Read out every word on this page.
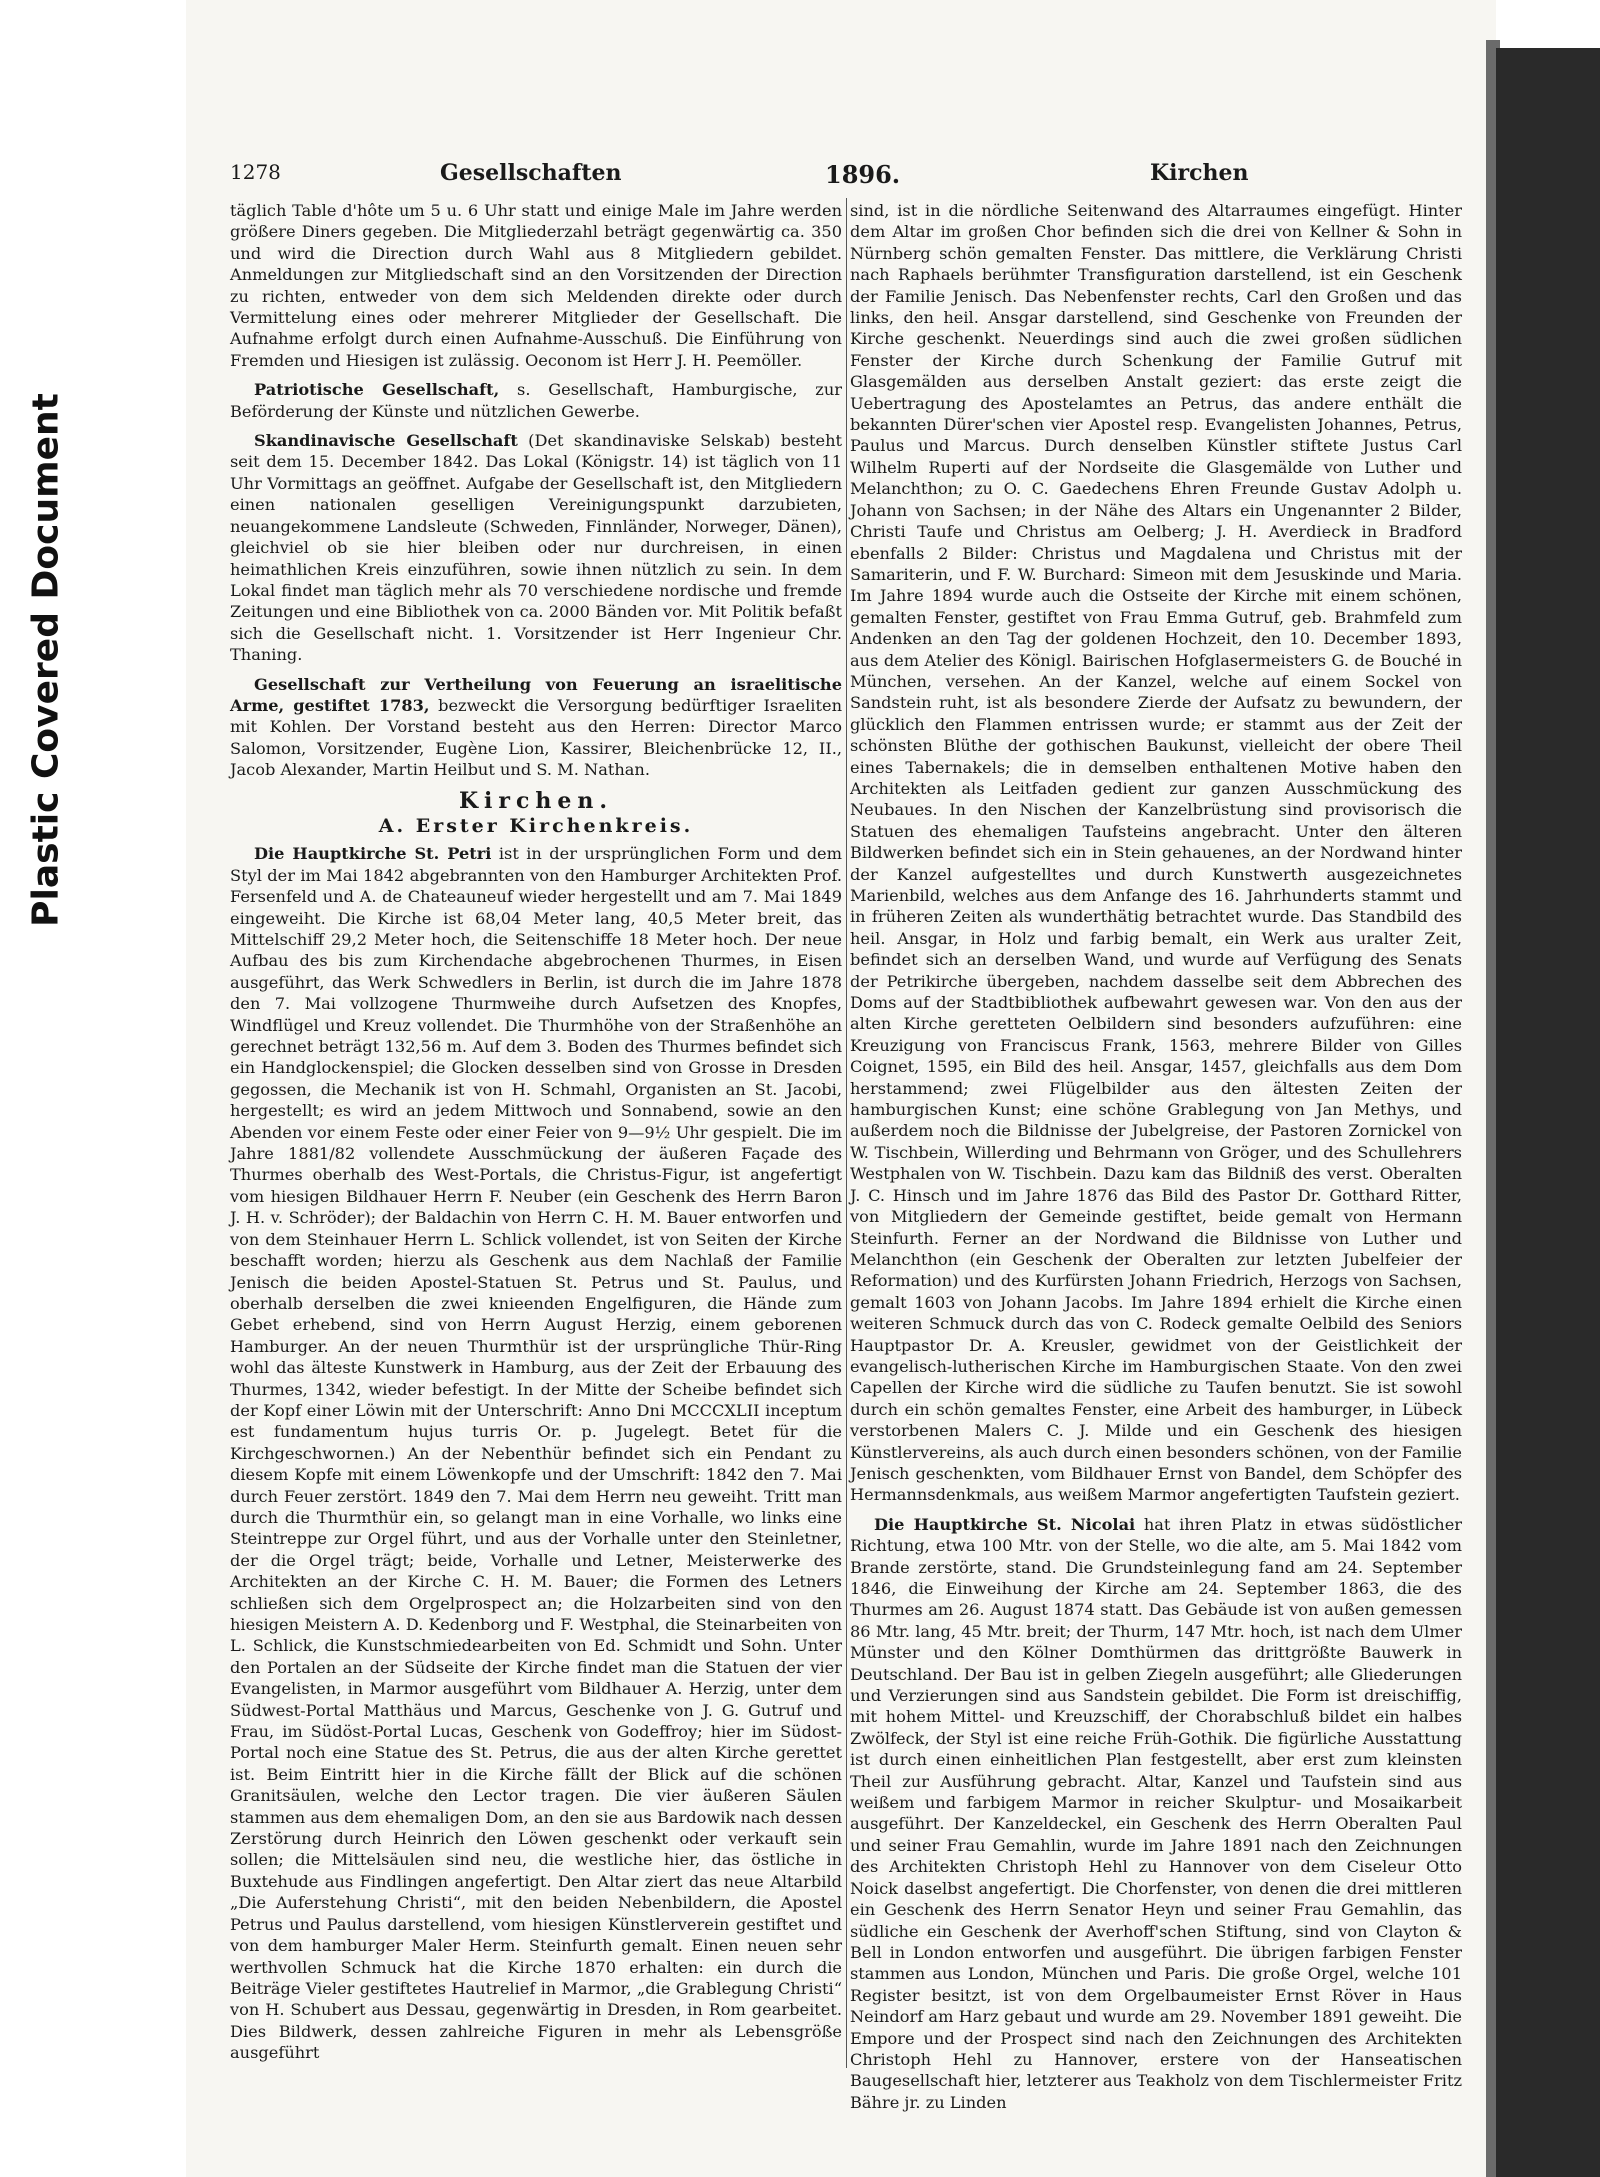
Plastic Covered Document
1278	Gesellschaften	1896.	Kirchen

täglich Table d'hôte um 5 u. 6 Uhr statt und einige Male im Jahre werden größere Diners gegeben. Die Mitgliederzahl beträgt gegenwärtig ca. 350 und wird die Direction durch Wahl aus 8 Mitgliedern gebildet. Anmeldungen zur Mitgliedschaft sind an den Vorsitzenden der Direction zu richten, entweder von dem sich Meldenden direkte oder durch Vermittelung eines oder mehrerer Mitglieder der Gesellschaft. Die Aufnahme erfolgt durch einen Aufnahme-Ausschuß. Die Einführung von Fremden und Hiesigen ist zulässig. Oeconom ist Herr J. H. Peemöller.

Patriotische Gesellschaft, s. Gesellschaft, Hamburgische, zur Beförderung der Künste und nützlichen Gewerbe.

Skandinavische Gesellschaft (Det skandinaviske Selskab) besteht seit dem 15. December 1842. Das Lokal (Königstr. 14) ist täglich von 11 Uhr Vormittags an geöffnet. Aufgabe der Gesellschaft ist, den Mitgliedern einen nationalen geselligen Vereinigungspunkt darzubieten, neuangekommene Landsleute (Schweden, Finnländer, Norweger, Dänen), gleichviel ob sie hier bleiben oder nur durchreisen, in einen heimathlichen Kreis einzuführen, sowie ihnen nützlich zu sein. In dem Lokal findet man täglich mehr als 70 verschiedene nordische und fremde Zeitungen und eine Bibliothek von ca. 2000 Bänden vor. Mit Politik befaßt sich die Gesellschaft nicht. 1. Vorsitzender ist Herr Ingenieur Chr. Thaning.

Gesellschaft zur Vertheilung von Feuerung an israelitische Arme, gestiftet 1783, bezweckt die Versorgung bedürftiger Israeliten mit Kohlen. Der Vorstand besteht aus den Herren: Director Marco Salomon, Vorsitzender, Eugène Lion, Kassirer, Bleichenbrücke 12, II., Jacob Alexander, Martin Heilbut und S. M. Nathan.

Kirchen.
A. Erster Kirchenkreis.

Die Hauptkirche St. Petri ist in der ursprünglichen Form und dem Styl der im Mai 1842 abgebrannten von den Hamburger Architekten Prof. Fersenfeld und A. de Chateauneuf wieder hergestellt und am 7. Mai 1849 eingeweiht. Die Kirche ist 68,04 Meter lang, 40,5 Meter breit, das Mittelschiff 29,2 Meter hoch, die Seitenschiffe 18 Meter hoch. Der neue Aufbau des bis zum Kirchendache abgebrochenen Thurmes, in Eisen ausgeführt, das Werk Schwedlers in Berlin, ist durch die im Jahre 1878 den 7. Mai vollzogene Thurmweihe durch Aufsetzen des Knopfes, Windflügel und Kreuz vollendet. Die Thurmhöhe von der Straßenhöhe an gerechnet beträgt 132,56 m. Auf dem 3. Boden des Thurmes befindet sich ein Handglockenspiel; die Glocken desselben sind von Grosse in Dresden gegossen, die Mechanik ist von H. Schmahl, Organisten an St. Jacobi, hergestellt; es wird an jedem Mittwoch und Sonnabend, sowie an den Abenden vor einem Feste oder einer Feier von 9—9½ Uhr gespielt. Die im Jahre 1881/82 vollendete Ausschmückung der äußeren Façade des Thurmes oberhalb des West-Portals, die Christus-Figur, ist angefertigt vom hiesigen Bildhauer Herrn F. Neuber (ein Geschenk des Herrn Baron J. H. v. Schröder); der Baldachin von Herrn C. H. M. Bauer entworfen und von dem Steinhauer Herrn L. Schlick vollendet, ist von Seiten der Kirche beschafft worden; hierzu als Geschenk aus dem Nachlaß der Familie Jenisch die beiden Apostel-Statuen St. Petrus und St. Paulus, und oberhalb derselben die zwei knieenden Engelfiguren, die Hände zum Gebet erhebend, sind von Herrn August Herzig, einem geborenen Hamburger. An der neuen Thurmthür ist der ursprüngliche Thür-Ring wohl das älteste Kunstwerk in Hamburg, aus der Zeit der Erbauung des Thurmes, 1342, wieder befestigt. In der Mitte der Scheibe befindet sich der Kopf einer Löwin mit der Unterschrift: Anno Dni MCCCXLII inceptum est fundamentum hujus turris Or. p. Jugelegt. Betet für die Kirchgeschwornen.) An der Nebenthür befindet sich ein Pendant zu diesem Kopfe mit einem Löwenkopfe und der Umschrift: 1842 den 7. Mai durch Feuer zerstört. 1849 den 7. Mai dem Herrn neu geweiht. Tritt man durch die Thurmthür ein, so gelangt man in eine Vorhalle, wo links eine Steintreppe zur Orgel führt, und aus der Vorhalle unter den Steinletner, der die Orgel trägt; beide, Vorhalle und Letner, Meisterwerke des Architekten an der Kirche C. H. M. Bauer; die Formen des Letners schließen sich dem Orgelprospect an; die Holzarbeiten sind von den hiesigen Meistern A. D. Kedenborg und F. Westphal, die Steinarbeiten von L. Schlick, die Kunstschmiedearbeiten von Ed. Schmidt und Sohn. Unter den Portalen an der Südseite der Kirche findet man die Statuen der vier Evangelisten, in Marmor ausgeführt vom Bildhauer A. Herzig, unter dem Südwest-Portal Matthäus und Marcus, Geschenke von J. G. Gutruf und Frau, im Südöst-Portal Lucas, Geschenk von Godeffroy; hier im Südost-Portal noch eine Statue des St. Petrus, die aus der alten Kirche gerettet ist. Beim Eintritt hier in die Kirche fällt der Blick auf die schönen Granitsäulen, welche den Lector tragen. Die vier äußeren Säulen stammen aus dem ehemaligen Dom, an den sie aus Bardowik nach dessen Zerstörung durch Heinrich den Löwen geschenkt oder verkauft sein sollen; die Mittelsäulen sind neu, die westliche hier, das östliche in Buxtehude aus Findlingen angefertigt. Den Altar ziert das neue Altarbild „Die Auferstehung Christi“, mit den beiden Nebenbildern, die Apostel Petrus und Paulus darstellend, vom hiesigen Künstlerverein gestiftet und von dem hamburger Maler Herm. Steinfurth gemalt. Einen neuen sehr werthvollen Schmuck hat die Kirche 1870 erhalten: ein durch die Beiträge Vieler gestiftetes Hautrelief in Marmor, „die Grablegung Christi“ von H. Schubert aus Dessau, gegenwärtig in Dresden, in Rom gearbeitet. Dies Bildwerk, dessen zahlreiche Figuren in mehr als Lebensgröße ausgeführt

sind, ist in die nördliche Seitenwand des Altarraumes eingefügt. Hinter dem Altar im großen Chor befinden sich die drei von Kellner & Sohn in Nürnberg schön gemalten Fenster. Das mittlere, die Verklärung Christi nach Raphaels berühmter Transfiguration darstellend, ist ein Geschenk der Familie Jenisch. Das Nebenfenster rechts, Carl den Großen und das links, den heil. Ansgar darstellend, sind Geschenke von Freunden der Kirche geschenkt. Neuerdings sind auch die zwei großen südlichen Fenster der Kirche durch Schenkung der Familie Gutruf mit Glasgemälden aus derselben Anstalt geziert: das erste zeigt die Uebertragung des Apostelamtes an Petrus, das andere enthält die bekannten Dürer'schen vier Apostel resp. Evangelisten Johannes, Petrus, Paulus und Marcus. Durch denselben Künstler stiftete Justus Carl Wilhelm Ruperti auf der Nordseite die Glasgemälde von Luther und Melanchthon; zu O. C. Gaedechens Ehren Freunde Gustav Adolph u. Johann von Sachsen; in der Nähe des Altars ein Ungenannter 2 Bilder, Christi Taufe und Christus am Oelberg; J. H. Averdieck in Bradford ebenfalls 2 Bilder: Christus und Magdalena und Christus mit der Samariterin, und F. W. Burchard: Simeon mit dem Jesuskinde und Maria. Im Jahre 1894 wurde auch die Ostseite der Kirche mit einem schönen, gemalten Fenster, gestiftet von Frau Emma Gutruf, geb. Brahmfeld zum Andenken an den Tag der goldenen Hochzeit, den 10. December 1893, aus dem Atelier des Königl. Bairischen Hofglasermeisters G. de Bouché in München, versehen. An der Kanzel, welche auf einem Sockel von Sandstein ruht, ist als besondere Zierde der Aufsatz zu bewundern, der glücklich den Flammen entrissen wurde; er stammt aus der Zeit der schönsten Blüthe der gothischen Baukunst, vielleicht der obere Theil eines Tabernakels; die in demselben enthaltenen Motive haben den Architekten als Leitfaden gedient zur ganzen Ausschmückung des Neubaues. In den Nischen der Kanzelbrüstung sind provisorisch die Statuen des ehemaligen Taufsteins angebracht. Unter den älteren Bildwerken befindet sich ein in Stein gehauenes, an der Nordwand hinter der Kanzel aufgestelltes und durch Kunstwerth ausgezeichnetes Marienbild, welches aus dem Anfange des 16. Jahrhunderts stammt und in früheren Zeiten als wunderthätig betrachtet wurde. Das Standbild des heil. Ansgar, in Holz und farbig bemalt, ein Werk aus uralter Zeit, befindet sich an derselben Wand, und wurde auf Verfügung des Senats der Petrikirche übergeben, nachdem dasselbe seit dem Abbrechen des Doms auf der Stadtbibliothek aufbewahrt gewesen war. Von den aus der alten Kirche geretteten Oelbildern sind besonders aufzuführen: eine Kreuzigung von Franciscus Frank, 1563, mehrere Bilder von Gilles Coignet, 1595, ein Bild des heil. Ansgar, 1457, gleichfalls aus dem Dom herstammend; zwei Flügelbilder aus den ältesten Zeiten der hamburgischen Kunst; eine schöne Grablegung von Jan Methys, und außerdem noch die Bildnisse der Jubelgreise, der Pastoren Zornickel von W. Tischbein, Willerding und Behrmann von Gröger, und des Schullehrers Westphalen von W. Tischbein. Dazu kam das Bildniß des verst. Oberalten J. C. Hinsch und im Jahre 1876 das Bild des Pastor Dr. Gotthard Ritter, von Mitgliedern der Gemeinde gestiftet, beide gemalt von Hermann Steinfurth. Ferner an der Nordwand die Bildnisse von Luther und Melanchthon (ein Geschenk der Oberalten zur letzten Jubelfeier der Reformation) und des Kurfürsten Johann Friedrich, Herzogs von Sachsen, gemalt 1603 von Johann Jacobs. Im Jahre 1894 erhielt die Kirche einen weiteren Schmuck durch das von C. Rodeck gemalte Oelbild des Seniors Hauptpastor Dr. A. Kreusler, gewidmet von der Geistlichkeit der evangelisch-lutherischen Kirche im Hamburgischen Staate. Von den zwei Capellen der Kirche wird die südliche zu Taufen benutzt. Sie ist sowohl durch ein schön gemaltes Fenster, eine Arbeit des hamburger, in Lübeck verstorbenen Malers C. J. Milde und ein Geschenk des hiesigen Künstlervereins, als auch durch einen besonders schönen, von der Familie Jenisch geschenkten, vom Bildhauer Ernst von Bandel, dem Schöpfer des Hermannsdenkmals, aus weißem Marmor angefertigten Taufstein geziert.

Die Hauptkirche St. Nicolai hat ihren Platz in etwas südöstlicher Richtung, etwa 100 Mtr. von der Stelle, wo die alte, am 5. Mai 1842 vom Brande zerstörte, stand. Die Grundsteinlegung fand am 24. September 1846, die Einweihung der Kirche am 24. September 1863, die des Thurmes am 26. August 1874 statt. Das Gebäude ist von außen gemessen 86 Mtr. lang, 45 Mtr. breit; der Thurm, 147 Mtr. hoch, ist nach dem Ulmer Münster und den Kölner Domthürmen das drittgrößte Bauwerk in Deutschland. Der Bau ist in gelben Ziegeln ausgeführt; alle Gliederungen und Verzierungen sind aus Sandstein gebildet. Die Form ist dreischiffig, mit hohem Mittel- und Kreuzschiff, der Chorabschluß bildet ein halbes Zwölfeck, der Styl ist eine reiche Früh-Gothik. Die figürliche Ausstattung ist durch einen einheitlichen Plan festgestellt, aber erst zum kleinsten Theil zur Ausführung gebracht. Altar, Kanzel und Taufstein sind aus weißem und farbigem Marmor in reicher Skulptur- und Mosaikarbeit ausgeführt. Der Kanzeldeckel, ein Geschenk des Herrn Oberalten Paul und seiner Frau Gemahlin, wurde im Jahre 1891 nach den Zeichnungen des Architekten Christoph Hehl zu Hannover von dem Ciseleur Otto Noick daselbst angefertigt. Die Chorfenster, von denen die drei mittleren ein Geschenk des Herrn Senator Heyn und seiner Frau Gemahlin, das südliche ein Geschenk der Averhoff'schen Stiftung, sind von Clayton & Bell in London entworfen und ausgeführt. Die übrigen farbigen Fenster stammen aus London, München und Paris. Die große Orgel, welche 101 Register besitzt, ist von dem Orgelbaumeister Ernst Röver in Haus Neindorf am Harz gebaut und wurde am 29. November 1891 geweiht. Die Empore und der Prospect sind nach den Zeichnungen des Architekten Christoph Hehl zu Hannover, erstere von der Hanseatischen Baugesellschaft hier, letzterer aus Teakholz von dem Tischlermeister Fritz Bähre jr. zu Linden
